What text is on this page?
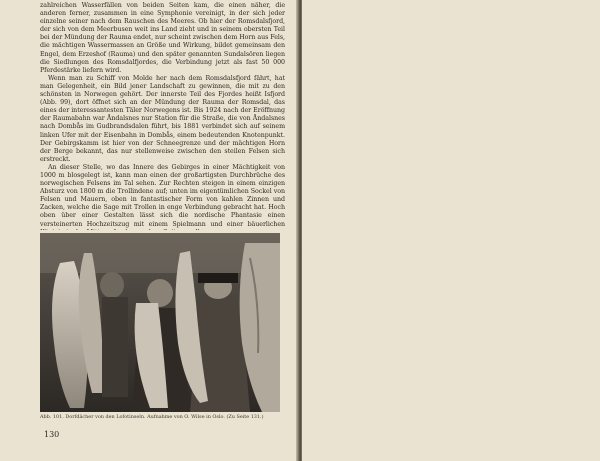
zahlreichen Wasserfällen von beiden Seiten kam, die einen näher, die anderen ferner, zusammen in eine Symphonie vereinigt, in der sich jeder einzelne seiner nach dem Rauschen des Meeres. Ob hier der Romsdalsfjord, der sich von dem Meerbusen weit ins Land zieht und in seinem obersten Teil bei der Mündung der Rauma endet, nur scheint zwischen dem Horn aus Fels, die mächtigen Wassermassen an Größe und Wirkung, bildet gemeinsam den Engel, dem Erzeshof (Rauma) und den später genannten Sundalsören liegen die Siedlungen des Romsdalfjordes, die Verbindung jetzt als fast 50 000 Pferdestärke liefern wird.

Wenn man zu Schiff von Molde her nach dem Romsdalsfjord fährt, hat man Gelegenheit, ein Bild jener Landschaft zu gewinnen, die mit zu den schönsten in Norwegen gehört. Der innerste Teil des Fjordes heißt Isfjord (Abb. 99), dort öffnet sich an der Mündung der Rauma der Romsdal, das eines der interessantesten Täler Norwegens ist. Bis 1924 nach der Eröffnung der Raumabahn war Åndalsnes nur Station für die Straße, die von Åndalsnes nach Dombås im Gudbrandsdalen führt, bis 1881 verbindet sich auf seinem linken Ufer mit der Eisenbahn in Dombås, einem bedeutenden Knotenpunkt. Der Gebirgskamm ist hier von der Schneegrenze und der mächtigen Horn der Berge bekannt, das nur stellenweise zwischen den steilen Felsen sich erstreckt.

An dieser Stelle, wo das Innere des Gebirges in einer Mächtigkeit von 1000 m blosgelegt ist, kann man einen der großartigsten Durchbrüche des norwegischen Felsens im Tal sehen. Zur Rechten steigen in einem einzigen Absturz von 1800 m die Trollindene auf; unten im eigentümlichen Sockel von Felsen und Mauern, oben in fantastischer Form von kahlen Zinnen und Zacken, welche die Sage mit Trollen in enge Verbindung gebracht hat. Hoch oben über einer Gestalten lässt sich die nordische Phantasie einen versteinerten Hochzeitszug mit einem Spielmann und einer bäuerlichen

Abb. 101. Dorfdächer von den Lofotinseln. Aufnahme von O. Wilse in Oslo. (Zu Seite 131.)
130
